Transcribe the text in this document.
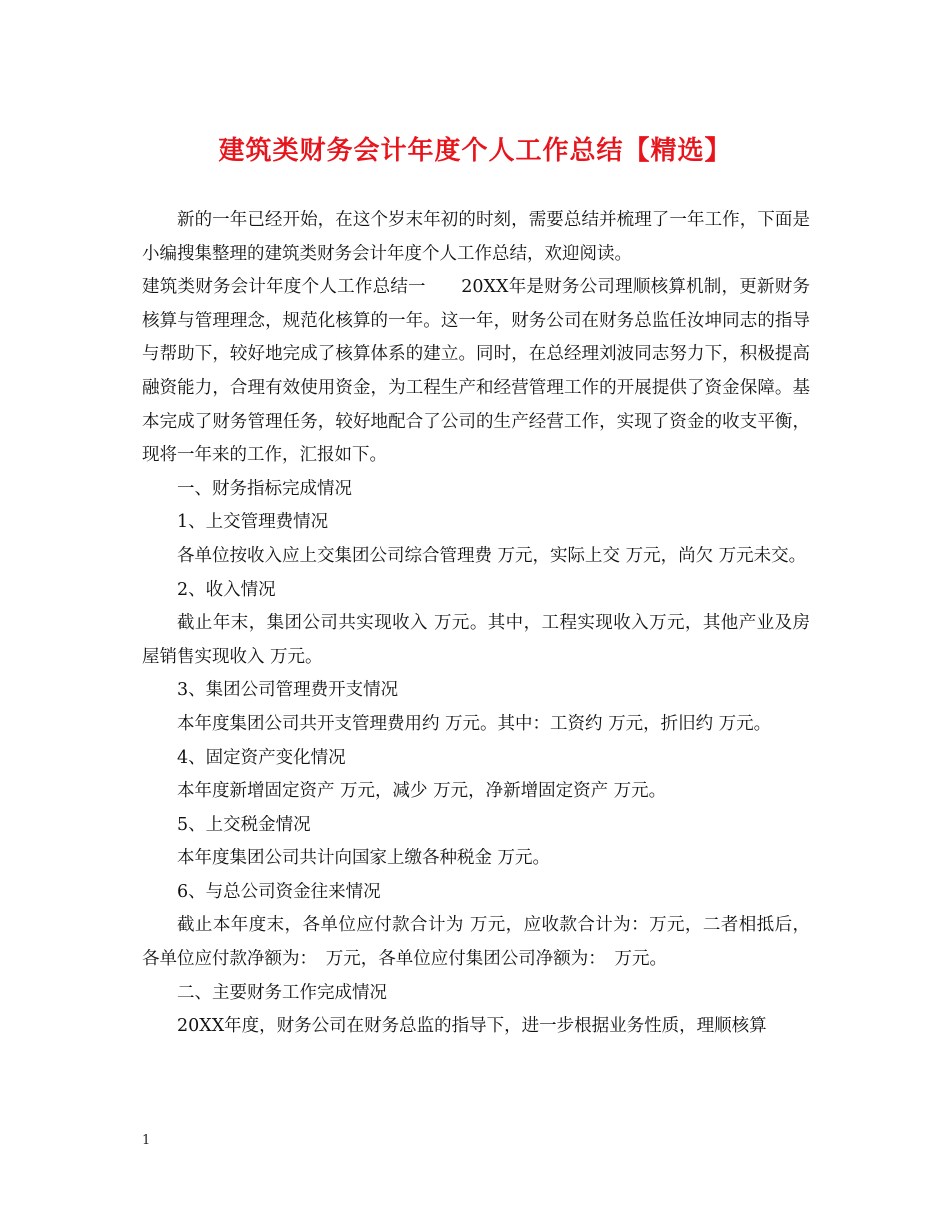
建筑类财务会计年度个人工作总结【精选】

新的一年已经开始，在这个岁末年初的时刻，需要总结并梳理了一年工作，下面是小编搜集整理的建筑类财务会计年度个人工作总结，欢迎阅读。

建筑类财务会计年度个人工作总结一　　20XX年是财务公司理顺核算机制，更新财务核算与管理理念，规范化核算的一年。这一年，财务公司在财务总监任汝坤同志的指导与帮助下，较好地完成了核算体系的建立。同时，在总经理刘波同志努力下，积极提高融资能力，合理有效使用资金，为工程生产和经营管理工作的开展提供了资金保障。基本完成了财务管理任务，较好地配合了公司的生产经营工作，实现了资金的收支平衡，现将一年来的工作，汇报如下。

一、财务指标完成情况

1、上交管理费情况

各单位按收入应上交集团公司综合管理费 万元，实际上交 万元，尚欠 万元未交。

2、收入情况

截止年末，集团公司共实现收入 万元。其中，工程实现收入万元，其他产业及房屋销售实现收入 万元。

3、集团公司管理费开支情况

本年度集团公司共开支管理费用约 万元。其中：工资约 万元，折旧约 万元。

4、固定资产变化情况

本年度新增固定资产 万元，减少 万元，净新增固定资产 万元。

5、上交税金情况

本年度集团公司共计向国家上缴各种税金 万元。

6、与总公司资金往来情况

截止本年度末，各单位应付款合计为 万元，应收款合计为：万元，二者相抵后，各单位应付款净额为：　万元，各单位应付集团公司净额为：　万元。

二、主要财务工作完成情况

20XX年度，财务公司在财务总监的指导下，进一步根据业务性质，理顺核算

1
